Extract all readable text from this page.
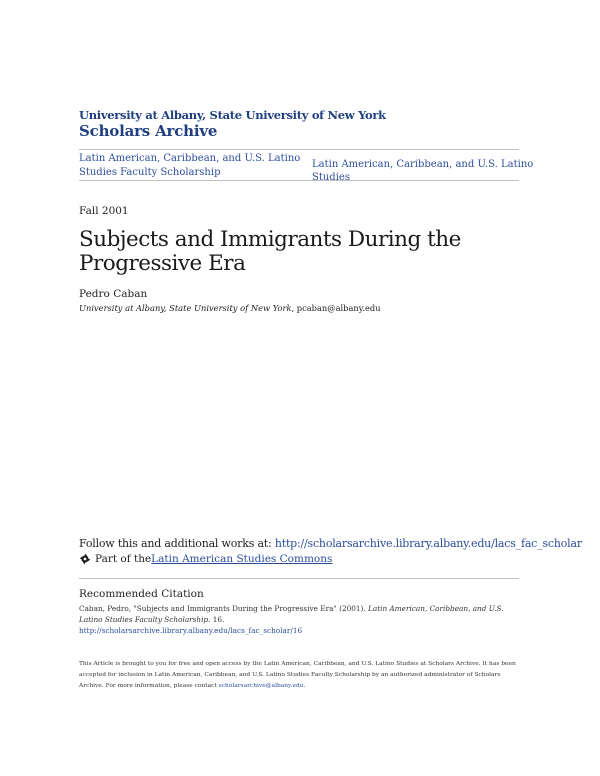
University at Albany, State University of New York
Scholars Archive
Latin American, Caribbean, and U.S. Latino Studies Faculty Scholarship
Latin American, Caribbean, and U.S. Latino Studies
Fall 2001
Subjects and Immigrants During the Progressive Era
Pedro Caban
University at Albany, State University of New York, pcaban@albany.edu
Follow this and additional works at: http://scholarsarchive.library.albany.edu/lacs_fac_scholar
Part of the Latin American Studies Commons
Recommended Citation
Caban, Pedro, "Subjects and Immigrants During the Progressive Era" (2001). Latin American, Caribbean, and U.S. Latino Studies Faculty Scholarship. 16.
http://scholarsarchive.library.albany.edu/lacs_fac_scholar/16
This Article is brought to you for free and open access by the Latin American, Caribbean, and U.S. Latino Studies at Scholars Archive. It has been accepted for inclusion in Latin American, Caribbean, and U.S. Latino Studies Faculty Scholarship by an authorized administrator of Scholars Archive. For more information, please contact scholarsarchive@albany.edu.
